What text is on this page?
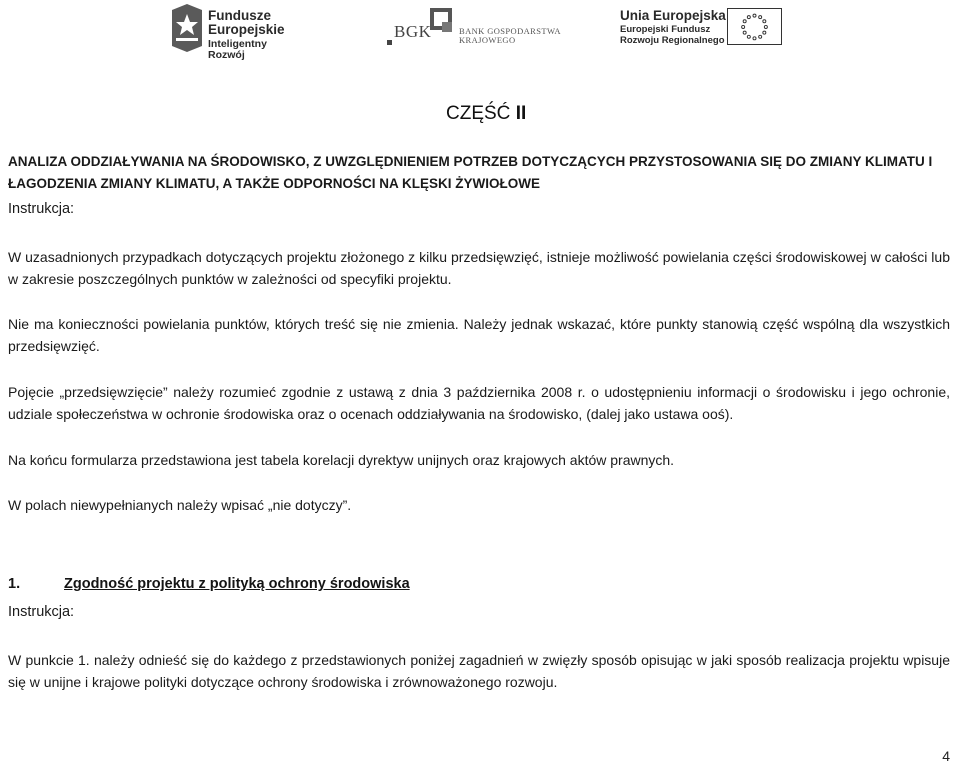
Fundusze
Europejskie
Inteligentny Rozwój
BGK	BANK GOSPODARSTWA
KRAJOWEGO
Unia Europejska
Europejski Fundusz
Rozwoju Regionalnego
CZĘŚĆ II

ANALIZA ODDZIAŁYWANIA NA ŚRODOWISKO, Z UWZGLĘDNIENIEM POTRZEB DOTYCZĄCYCH PRZYSTOSOWANIA SIĘ DO ZMIANY KLIMATU I ŁAGODZENIA ZMIANY KLIMATU, A TAKŻE ODPORNOŚCI NA KLĘSKI ŻYWIOŁOWE

Instrukcja:

W uzasadnionych przypadkach dotyczących projektu złożonego z kilku przedsięwzięć, istnieje możliwość powielania części środowiskowej w całości lub w zakresie poszczególnych punktów w zależności od specyfiki projektu.

Nie ma konieczności powielania punktów, których treść się nie zmienia. Należy jednak wskazać, które punkty stanowią część wspólną dla wszystkich przedsięwzięć.

Pojęcie „przedsięwzięcie” należy rozumieć zgodnie z ustawą z dnia 3 października 2008 r. o udostępnieniu informacji o środowisku i jego ochronie, udziale społeczeństwa w ochronie środowiska oraz o ocenach oddziaływania na środowisko, (dalej jako ustawa ooś).

Na końcu formularza przedstawiona jest tabela korelacji dyrektyw unijnych oraz krajowych aktów prawnych.

W polach niewypełnianych należy wpisać „nie dotyczy”.

1.	Zgodność projektu z polityką ochrony środowiska
Instrukcja:

W punkcie 1. należy odnieść się do każdego z przedstawionych poniżej zagadnień w zwięzły sposób opisując w jaki sposób realizacja projektu wpisuje się w unijne i krajowe polityki dotyczące ochrony środowiska i zrównoważonego rozwoju.

4
